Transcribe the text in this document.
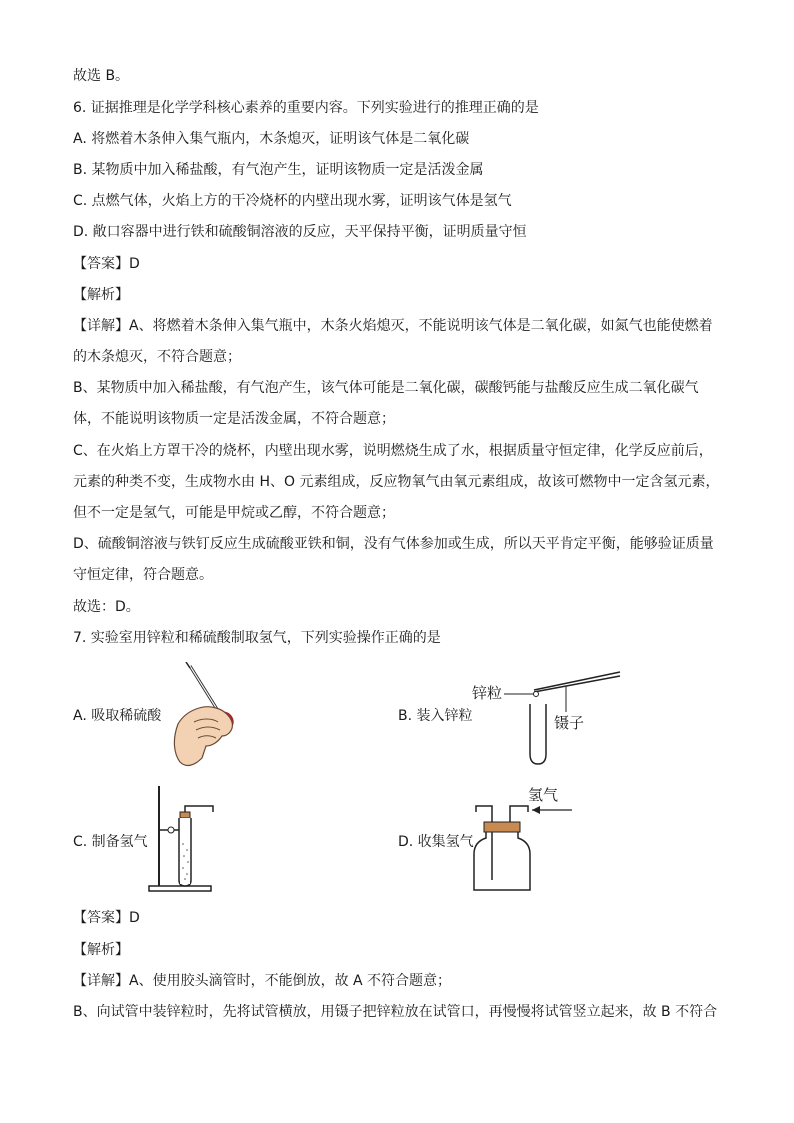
故选 B。
6. 证据推理是化学学科核心素养的重要内容。下列实验进行的推理正确的是
A. 将燃着木条伸入集气瓶内，木条熄灭，证明该气体是二氧化碳
B. 某物质中加入稀盐酸，有气泡产生，证明该物质一定是活泼金属
C. 点燃气体，火焰上方的干冷烧杯的内壁出现水雾，证明该气体是氢气
D. 敞口容器中进行铁和硫酸铜溶液的反应，天平保持平衡，证明质量守恒
【答案】D
【解析】
【详解】A、将燃着木条伸入集气瓶中，木条火焰熄灭，不能说明该气体是二氧化碳，如氮气也能使燃着
的木条熄灭，不符合题意；
B、某物质中加入稀盐酸，有气泡产生，该气体可能是二氧化碳，碳酸钙能与盐酸反应生成二氧化碳气
体，不能说明该物质一定是活泼金属，不符合题意；
C、在火焰上方罩干冷的烧杯，内壁出现水雾，说明燃烧生成了水，根据质量守恒定律，化学反应前后，
元素的种类不变，生成物水由 H、O 元素组成，反应物氧气由氧元素组成，故该可燃物中一定含氢元素，
但不一定是氢气，可能是甲烷或乙醇，不符合题意；
D、硫酸铜溶液与铁钉反应生成硫酸亚铁和铜，没有气体参加或生成，所以天平肯定平衡，能够验证质量
守恒定律，符合题意。
故选：D。
7. 实验室用锌粒和稀硫酸制取氢气，下列实验操作正确的是
A. 吸取稀硫酸	B. 装入锌粒
C. 制备氢气	D. 收集氢气
锌粒
镊子
氢气
【答案】D
【解析】
【详解】A、使用胶头滴管时，不能倒放，故 A 不符合题意；
B、向试管中装锌粒时，先将试管横放，用镊子把锌粒放在试管口，再慢慢将试管竖立起来，故 B 不符合
